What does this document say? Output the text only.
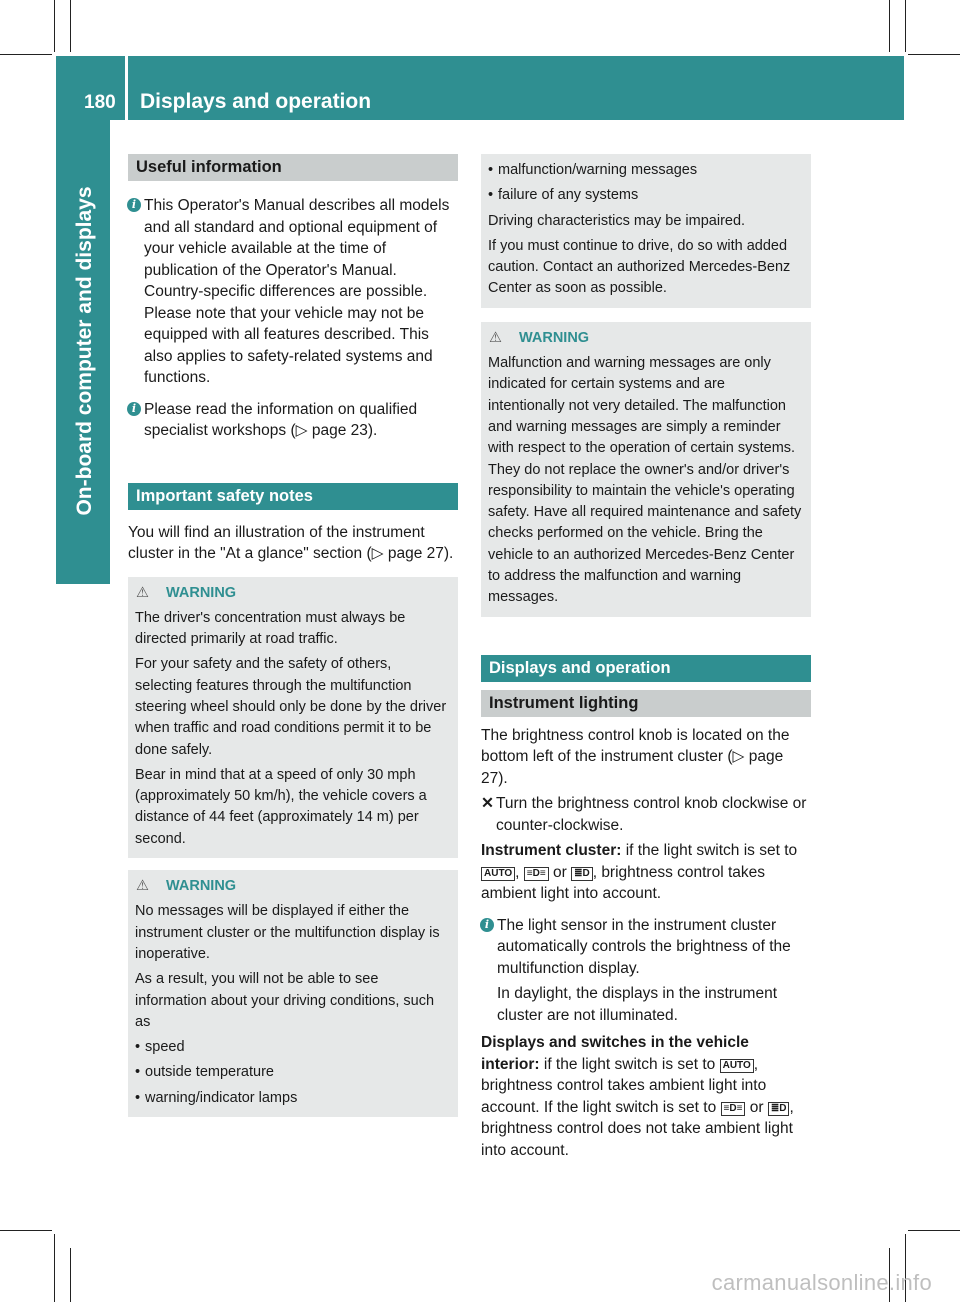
180 Displays and operation
On-board computer and displays
Useful information
i This Operator's Manual describes all models and all standard and optional equipment of your vehicle available at the time of publication of the Operator's Manual. Country-specific differences are possible. Please note that your vehicle may not be equipped with all features described. This also applies to safety-related systems and functions.
i Please read the information on qualified specialist workshops (▷ page 23).
Important safety notes
You will find an illustration of the instrument cluster in the "At a glance" section (▷ page 27).
⚠ WARNING

The driver's concentration must always be directed primarily at road traffic.

For your safety and the safety of others, selecting features through the multifunction steering wheel should only be done by the driver when traffic and road conditions permit it to be done safely.

Bear in mind that at a speed of only 30 mph (approximately 50 km/h), the vehicle covers a distance of 44 feet (approximately 14 m) per second.

⚠ WARNING

No messages will be displayed if either the instrument cluster or the multifunction display is inoperative.

As a result, you will not be able to see information about your driving conditions, such as

• speed
• outside temperature
• warning/indicator lamps
• malfunction/warning messages
• failure of any systems

Driving characteristics may be impaired.

If you must continue to drive, do so with added caution. Contact an authorized Mercedes-Benz Center as soon as possible.

⚠ WARNING

Malfunction and warning messages are only indicated for certain systems and are intentionally not very detailed. The malfunction and warning messages are simply a reminder with respect to the operation of certain systems. They do not replace the owner's and/or driver's responsibility to maintain the vehicle's operating safety. Have all required maintenance and safety checks performed on the vehicle. Bring the vehicle to an authorized Mercedes-Benz Center to address the malfunction and warning messages.

Displays and operation
Instrument lighting
The brightness control knob is located on the bottom left of the instrument cluster (▷ page 27).
✕ Turn the brightness control knob clockwise or counter-clockwise.
Instrument cluster: if the light switch is set to AUTO , ≡D≡ or ≣D , brightness control takes ambient light into account.
i The light sensor in the instrument cluster automatically controls the brightness of the multifunction display.
In daylight, the displays in the instrument cluster are not illuminated.
Displays and switches in the vehicle interior: if the light switch is set to AUTO , brightness control takes ambient light into account. If the light switch is set to ≡D≡ or ≣D , brightness control does not take ambient light into account.
carmanualsonline.info
